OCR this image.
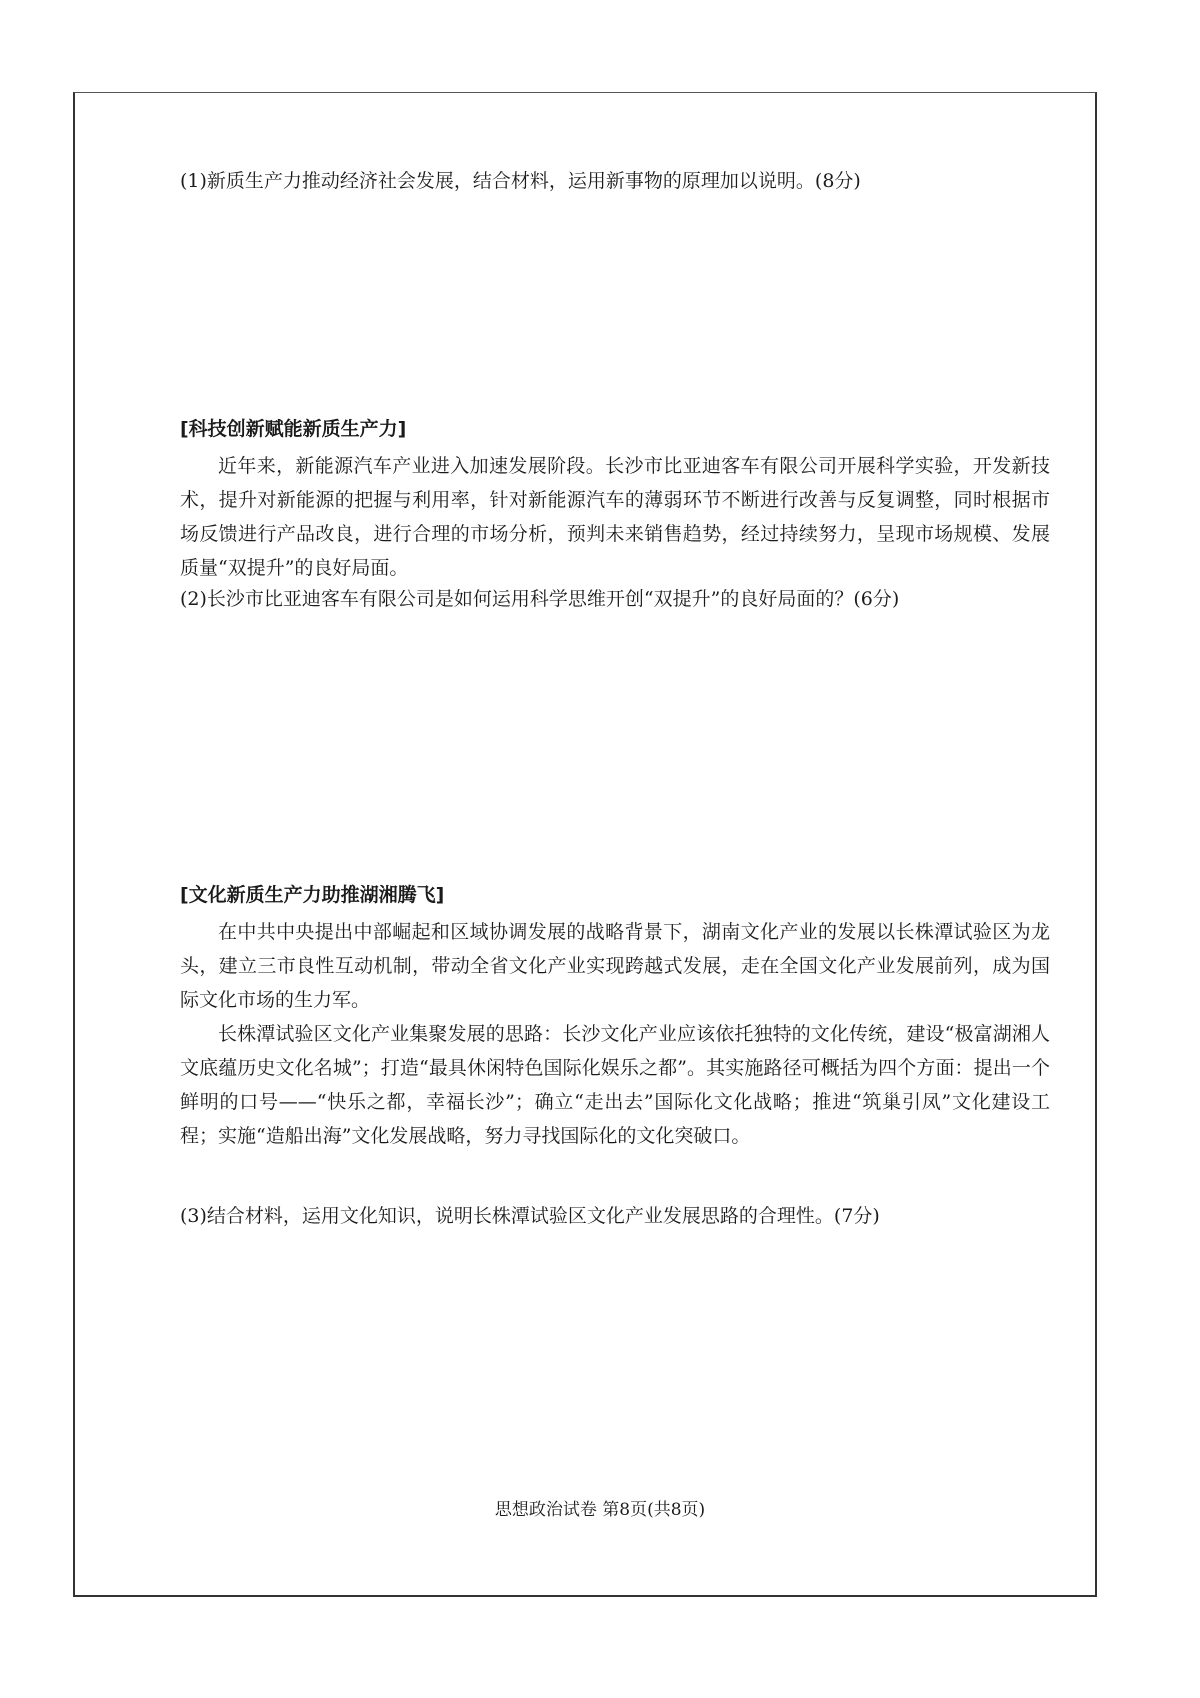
(1)新质生产力推动经济社会发展，结合材料，运用新事物的原理加以说明。(8分)
[科技创新赋能新质生产力]

近年来，新能源汽车产业进入加速发展阶段。长沙市比亚迪客车有限公司开展科学实验，开发新技术，提升对新能源的把握与利用率，针对新能源汽车的薄弱环节不断进行改善与反复调整，同时根据市场反馈进行产品改良，进行合理的市场分析，预判未来销售趋势，经过持续努力，呈现市场规模、发展质量“双提升”的良好局面。

(2)长沙市比亚迪客车有限公司是如何运用科学思维开创“双提升”的良好局面的？(6分)
[文化新质生产力助推湖湘腾飞]

在中共中央提出中部崛起和区域协调发展的战略背景下，湖南文化产业的发展以长株潭试验区为龙头，建立三市良性互动机制，带动全省文化产业实现跨越式发展，走在全国文化产业发展前列，成为国际文化市场的生力军。

长株潭试验区文化产业集聚发展的思路：长沙文化产业应该依托独特的文化传统，建设“极富湖湘人文底蕴历史文化名城”；打造“最具休闲特色国际化娱乐之都”。其实施路径可概括为四个方面：提出一个鲜明的口号——“快乐之都，幸福长沙”；确立“走出去”国际化文化战略；推进“筑巢引凤”文化建设工程；实施“造船出海”文化发展战略，努力寻找国际化的文化突破口。

(3)结合材料，运用文化知识，说明长株潭试验区文化产业发展思路的合理性。(7分)
思想政治试卷 第8页(共8页)
